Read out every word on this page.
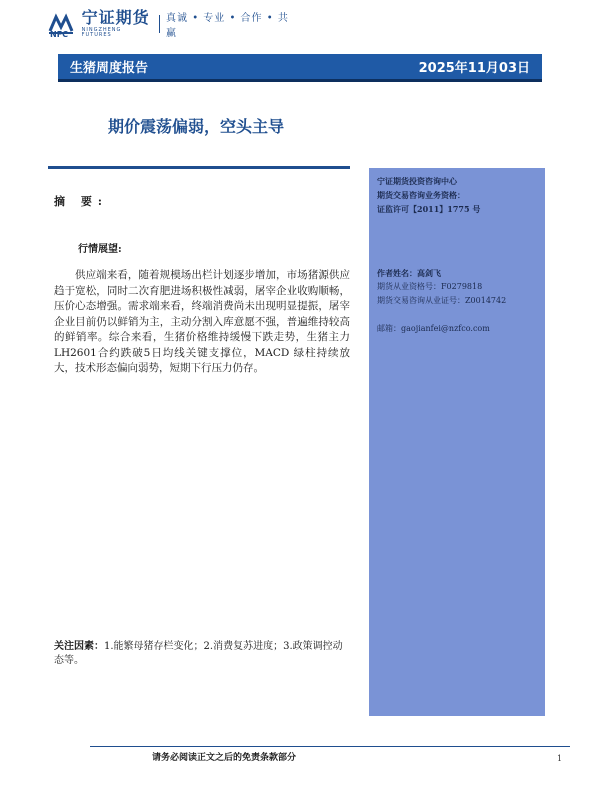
宁证期货
NINGZHENG FUTURES
真诚 • 专业 • 合作 • 共赢
NFC
生猪周度报告	2025年11月03日
期价震荡偏弱，空头主导
摘 要:
行情展望:

供应端来看，随着规模场出栏计划逐步增加，市场猪源供应趋于宽松，同时二次育肥进场积极性减弱，屠宰企业收购顺畅，压价心态增强。需求端来看，终端消费尚未出现明显提振，屠宰企业目前仍以鲜销为主，主动分割入库意愿不强，普遍维持较高的鲜销率。综合来看，生猪价格维持缓慢下跌走势，生猪主力LH2601合约跌破5日均线关键支撑位，MACD 绿柱持续放大，技术形态偏向弱势，短期下行压力仍存。

关注因素：1.能繁母猪存栏变化；2.消费复苏进度；3.政策调控动态等。
宁证期货投资咨询中心
期货交易咨询业务资格：
证监许可【2011】1775 号
作者姓名：高剑飞
期货从业资格号：F0279818
期货交易咨询从业证号：Z0014742
邮箱：gaojianfei@nzfco.com
请务必阅读正文之后的免责条款部分	1
